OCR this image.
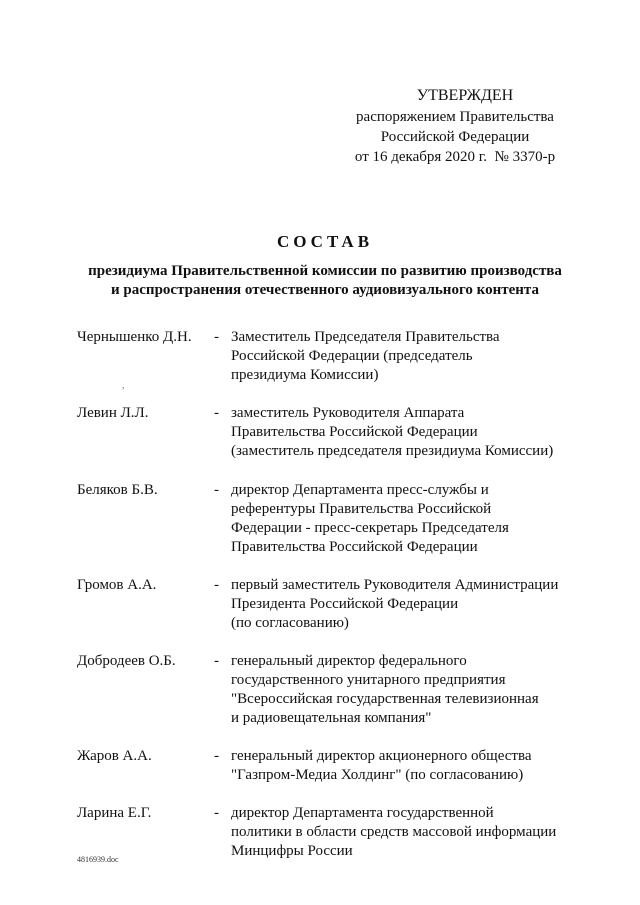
УТВЕРЖДЕН
распоряжением Правительства
Российской Федерации
от 16 декабря 2020 г.  № 3370-р
СОСТАВ
президиума Правительственной комиссии по развитию производства
и распространения отечественного аудиовизуального контента
Чернышенко Д.Н.	- Заместитель Председателя Правительства
Российской Федерации (председатель
президиума Комиссии)
Левин Л.Л.	- заместитель Руководителя Аппарата
Правительства Российской Федерации
(заместитель председателя президиума Комиссии)
Беляков Б.В.	- директор Департамента пресс-службы и
референтуры Правительства Российской
Федерации - пресс-секретарь Председателя
Правительства Российской Федерации
Громов А.А.	- первый заместитель Руководителя Администрации
Президента Российской Федерации
(по согласованию)
Добродеев О.Б.	- генеральный директор федерального
государственного унитарного предприятия
"Всероссийская государственная телевизионная
и радиовещательная компания"
Жаров А.А.	- генеральный директор акционерного общества
"Газпром-Медиа Холдинг" (по согласованию)
Ларина Е.Г.	- директор Департамента государственной
политики в области средств массовой информации
Минцифры России
,
4816939.doc
